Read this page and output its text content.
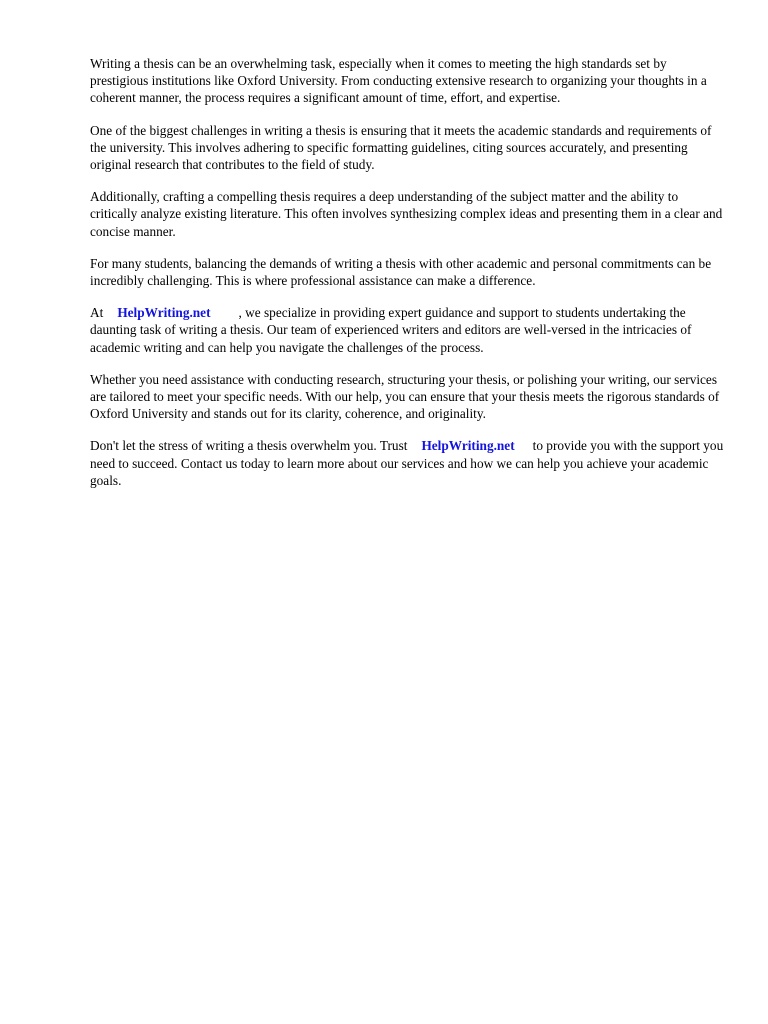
Writing a thesis can be an overwhelming task, especially when it comes to meeting the high standards set by prestigious institutions like Oxford University. From conducting extensive research to organizing your thoughts in a coherent manner, the process requires a significant amount of time, effort, and expertise.

One of the biggest challenges in writing a thesis is ensuring that it meets the academic standards and requirements of the university. This involves adhering to specific formatting guidelines, citing sources accurately, and presenting original research that contributes to the field of study.

Additionally, crafting a compelling thesis requires a deep understanding of the subject matter and the ability to critically analyze existing literature. This often involves synthesizing complex ideas and presenting them in a clear and concise manner.

For many students, balancing the demands of writing a thesis with other academic and personal commitments can be incredibly challenging. This is where professional assistance can make a difference.

At HelpWriting.net , we specialize in providing expert guidance and support to students undertaking the daunting task of writing a thesis. Our team of experienced writers and editors are well-versed in the intricacies of academic writing and can help you navigate the challenges of the process.

Whether you need assistance with conducting research, structuring your thesis, or polishing your writing, our services are tailored to meet your specific needs. With our help, you can ensure that your thesis meets the rigorous standards of Oxford University and stands out for its clarity, coherence, and originality.

Don't let the stress of writing a thesis overwhelm you. Trust HelpWriting.net to provide you with the support you need to succeed. Contact us today to learn more about our services and how we can help you achieve your academic goals.
